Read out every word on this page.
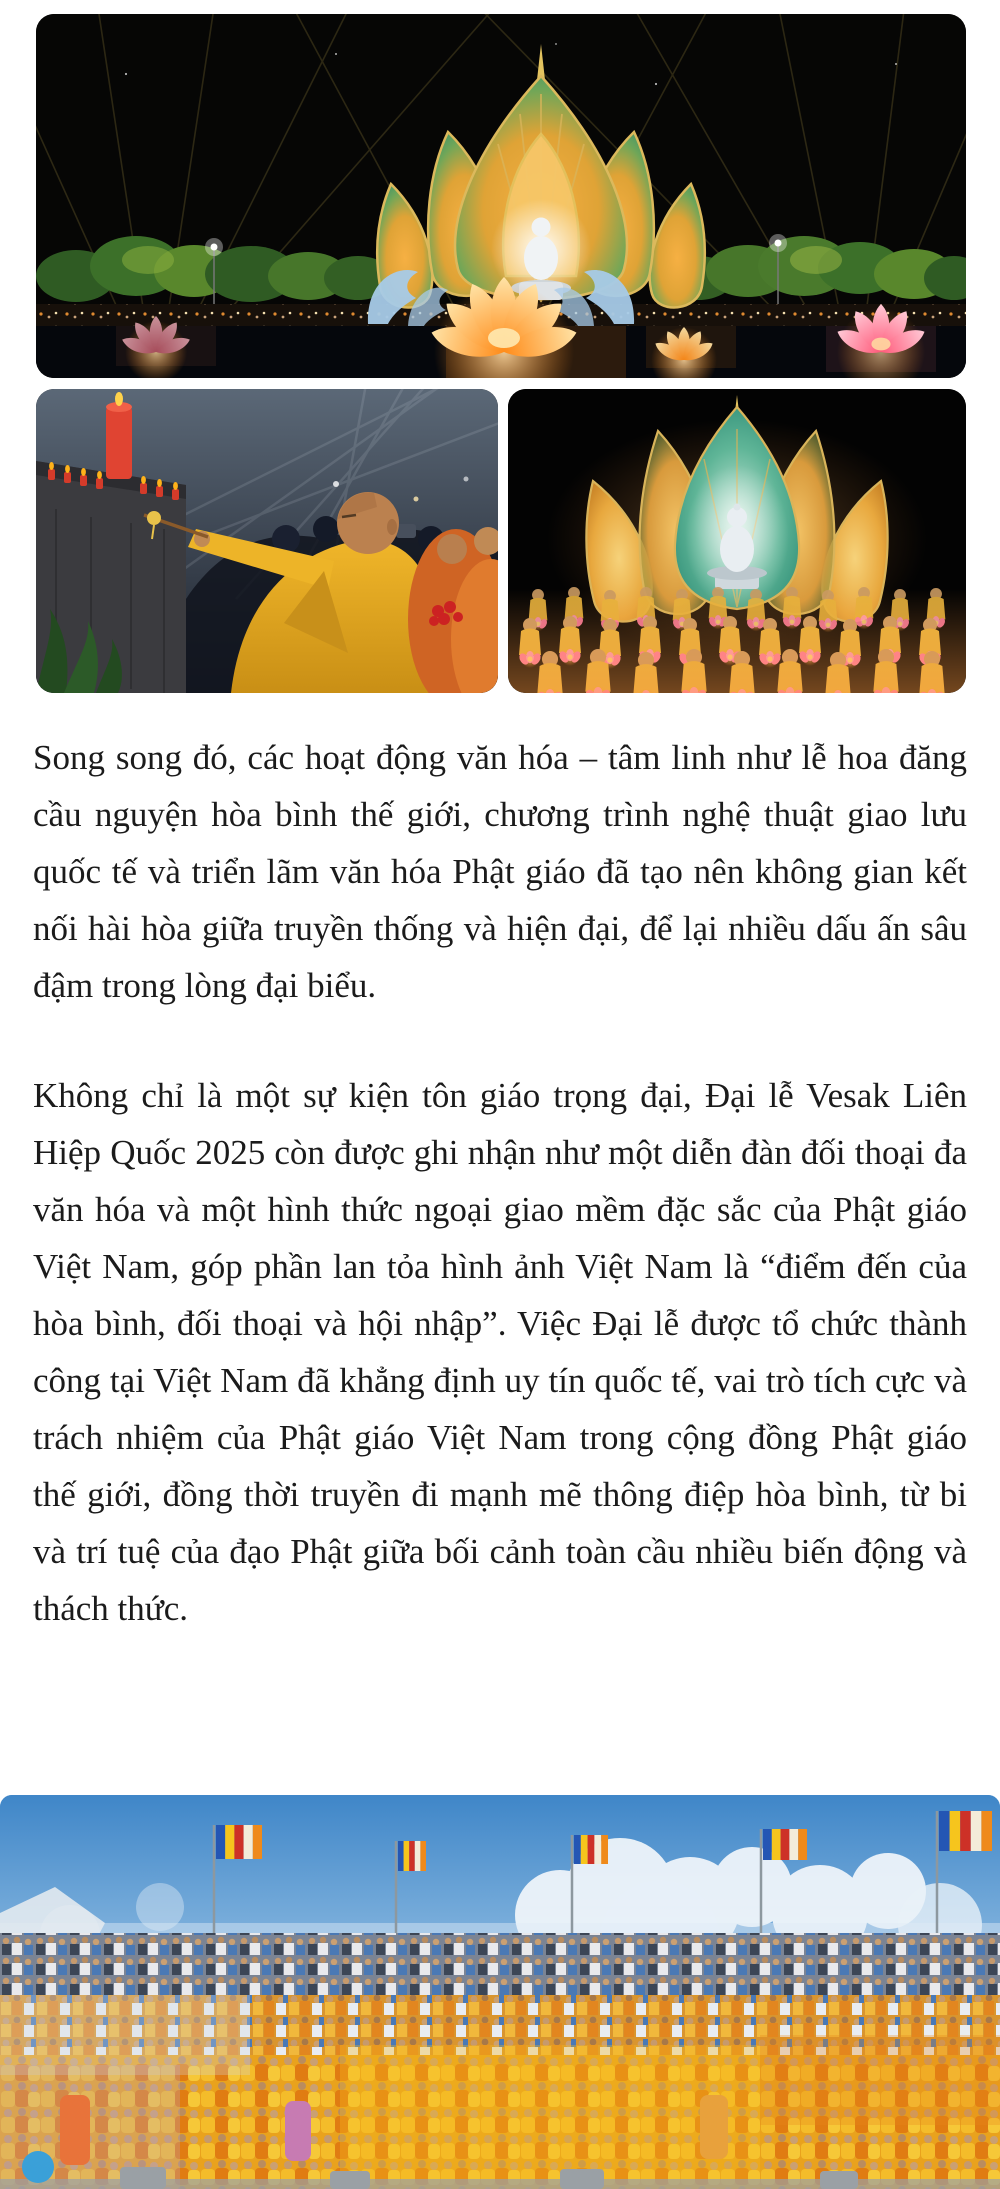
Song song đó, các hoạt động văn hóa – tâm linh như lễ hoa đăng cầu nguyện hòa bình thế giới, chương trình nghệ thuật giao lưu quốc tế và triển lãm văn hóa Phật giáo đã tạo nên không gian kết nối hài hòa giữa truyền thống và hiện đại, để lại nhiều dấu ấn sâu đậm trong lòng đại biểu.

Không chỉ là một sự kiện tôn giáo trọng đại, Đại lễ Vesak Liên Hiệp Quốc 2025 còn được ghi nhận như một diễn đàn đối thoại đa văn hóa và một hình thức ngoại giao mềm đặc sắc của Phật giáo Việt Nam, góp phần lan tỏa hình ảnh Việt Nam là “điểm đến của hòa bình, đối thoại và hội nhập”. Việc Đại lễ được tổ chức thành công tại Việt Nam đã khẳng định uy tín quốc tế, vai trò tích cực và trách nhiệm của Phật giáo Việt Nam trong cộng đồng Phật giáo thế giới, đồng thời truyền đi mạnh mẽ thông điệp hòa bình, từ bi và trí tuệ của đạo Phật giữa bối cảnh toàn cầu nhiều biến động và thách thức.
